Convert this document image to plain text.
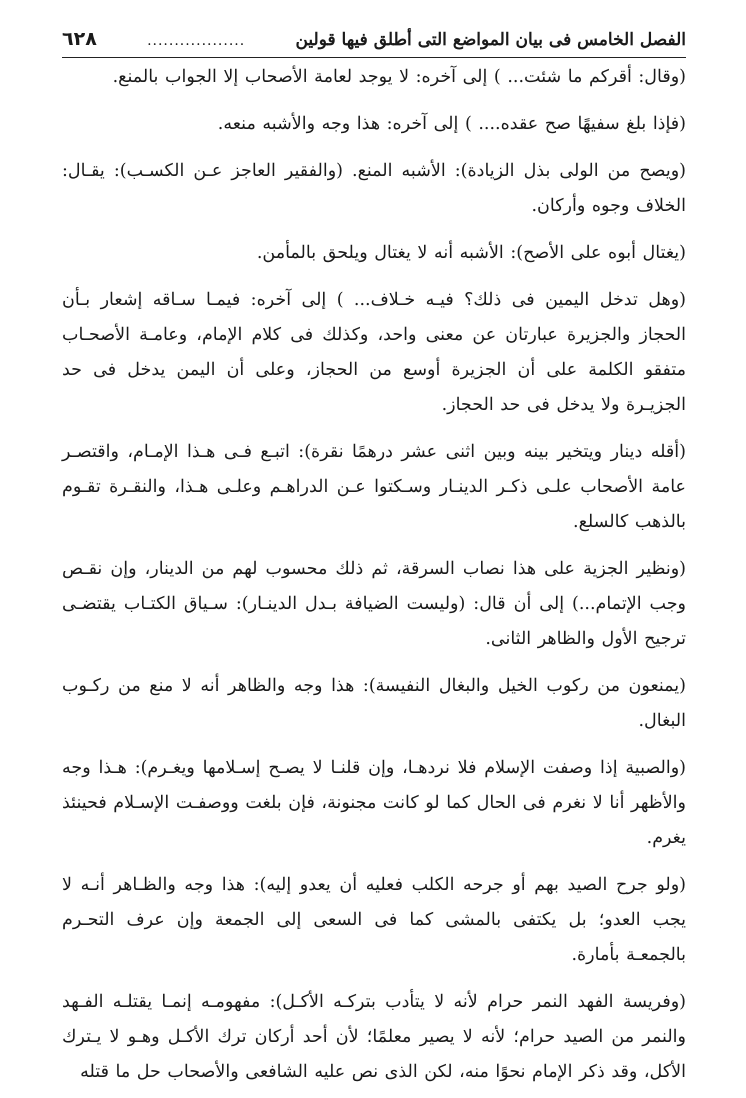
الفصل الخامس فى بيان المواضع التى أطلق فيها قولين
..................
٦٢٨

(وقال: أقركم ما شئت... ) إلى آخره: لا يوجد لعامة الأصحاب إلا الجواب بالمنع.

(فإذا بلغ سفيهًا صح عقده.... ) إلى آخره: هذا وجه والأشبه منعه.

(ويصح من الولى بذل الزيادة): الأشبه المنع. (والفقير العاجز عـن الكسـب): يقـال: الخلاف وجوه وأركان.

(يغتال أبوه على الأصح): الأشبه أنه لا يغتال ويلحق بالمأمن.

(وهل تدخل اليمين فى ذلك؟ فيـه خـلاف... ) إلى آخره: فيمـا سـاقه إشعار بـأن الحجاز والجزيرة عبارتان عن معنى واحد، وكذلك فى كلام الإمام، وعامـة الأصحـاب متفقو الكلمة على أن الجزيرة أوسع من الحجاز، وعلى أن اليمن يدخل فى حد الجزيـرة ولا يدخل فى حد الحجاز.

(أقله دينار ويتخير بينه وبين اثنى عشر درهمًا نقرة): اتبـع فـى هـذا الإمـام، واقتصـر عامة الأصحاب علـى ذكـر الدينـار وسـكتوا عـن الدراهـم وعلـى هـذا، والنقـرة تقـوم بالذهب كالسلع.

(ونظير الجزية على هذا نصاب السرقة، ثم ذلك محسوب لهم من الدينار، وإن نقـص وجب الإتمام...) إلى أن قال: (وليست الضيافة بـدل الدينـار): سـياق الكتـاب يقتضـى ترجيح الأول والظاهر الثانى.

(يمنعون من ركوب الخيل والبغال النفيسة): هذا وجه والظاهر أنه لا منع من ركـوب البغال.

(والصبية إذا وصفت الإسلام فلا نردهـا، وإن قلنـا لا يصـح إسـلامها ويغـرم): هـذا وجه والأظهر أنا لا نغرم فى الحال كما لو كانت مجنونة، فإن بلغت ووصفـت الإسـلام فحينئذ يغرم.

(ولو جرح الصيد بهم أو جرحه الكلب فعليه أن يعدو إليه): هذا وجه والظـاهر أنـه لا يجب العدو؛ بل يكتفى بالمشى كما فى السعى إلى الجمعة وإن عرف التحـرم بالجمعـة بأمارة.

(وفريسة الفهد النمر حرام لأنه لا يتأدب بتركـه الأكـل): مفهومـه إنمـا يقتلـه الفـهد والنمر من الصيد حرام؛ لأنه لا يصير معلمًا؛ لأن أحد أركان ترك الأكـل وهـو لا يـترك الأكل، وقد ذكر الإمام نحوًا منه، لكن الذى نص عليه الشافعى والأصحاب حل ما قتله
